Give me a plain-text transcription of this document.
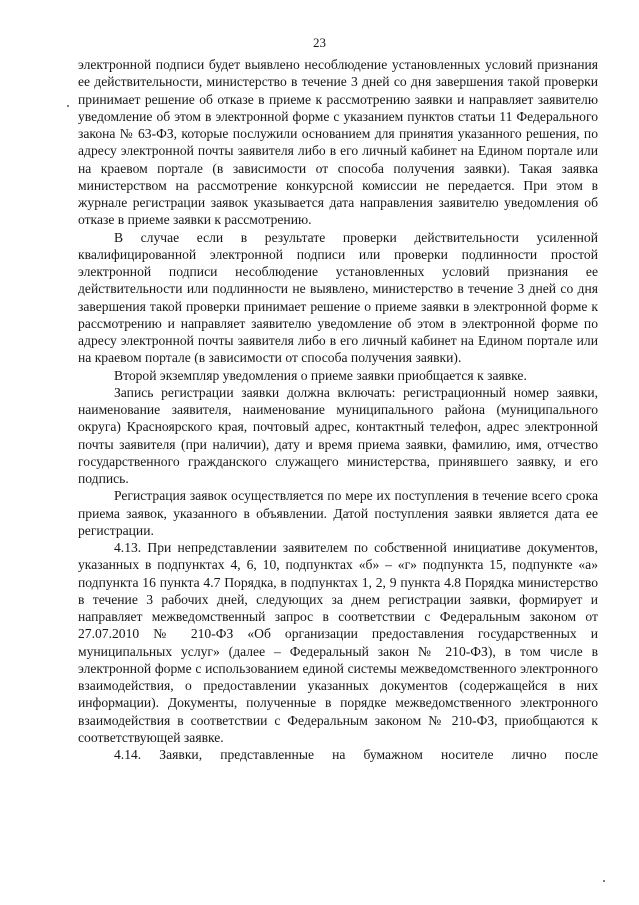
23

электронной подписи будет выявлено несоблюдение установленных условий признания ее действительности, министерство в течение 3 дней со дня завершения такой проверки принимает решение об отказе в приеме к рассмотрению заявки и направляет заявителю уведомление об этом в электронной форме с указанием пунктов статьи 11 Федерального закона № 63-ФЗ, которые послужили основанием для принятия указанного решения, по адресу электронной почты заявителя либо в его личный кабинет на Едином портале или на краевом портале (в зависимости от способа получения заявки). Такая заявка министерством на рассмотрение конкурсной комиссии не передается. При этом в журнале регистрации заявок указывается дата направления заявителю уведомления об отказе в приеме заявки к рассмотрению.

В случае если в результате проверки действительности усиленной квалифицированной электронной подписи или проверки подлинности простой электронной подписи несоблюдение установленных условий признания ее действительности или подлинности не выявлено, министерство в течение 3 дней со дня завершения такой проверки принимает решение о приеме заявки в электронной форме к рассмотрению и направляет заявителю уведомление об этом в электронной форме по адресу электронной почты заявителя либо в его личный кабинет на Едином портале или на краевом портале (в зависимости от способа получения заявки).

Второй экземпляр уведомления о приеме заявки приобщается к заявке.

Запись регистрации заявки должна включать: регистрационный номер заявки, наименование заявителя, наименование муниципального района (муниципального округа) Красноярского края, почтовый адрес, контактный телефон, адрес электронной почты заявителя (при наличии), дату и время приема заявки, фамилию, имя, отчество государственного гражданского служащего министерства, принявшего заявку, и его подпись.

Регистрация заявок осуществляется по мере их поступления в течение всего срока приема заявок, указанного в объявлении. Датой поступления заявки является дата ее регистрации.

4.13. При непредставлении заявителем по собственной инициативе документов, указанных в подпунктах 4, 6, 10, подпунктах «б» – «г» подпункта 15, подпункте «а» подпункта 16 пункта 4.7 Порядка, в подпунктах 1, 2, 9 пункта 4.8 Порядка министерство в течение 3 рабочих дней, следующих за днем регистрации заявки, формирует и направляет межведомственный запрос в соответствии с Федеральным законом от 27.07.2010 № 210-ФЗ «Об организации предоставления государственных и муниципальных услуг» (далее – Федеральный закон № 210-ФЗ), в том числе в электронной форме с использованием единой системы межведомственного электронного взаимодействия, о предоставлении указанных документов (содержащейся в них информации). Документы, полученные в порядке межведомственного электронного взаимодействия в соответствии с Федеральным законом № 210-ФЗ, приобщаются к соответствующей заявке.

4.14. Заявки, представленные на бумажном носителе лично после
